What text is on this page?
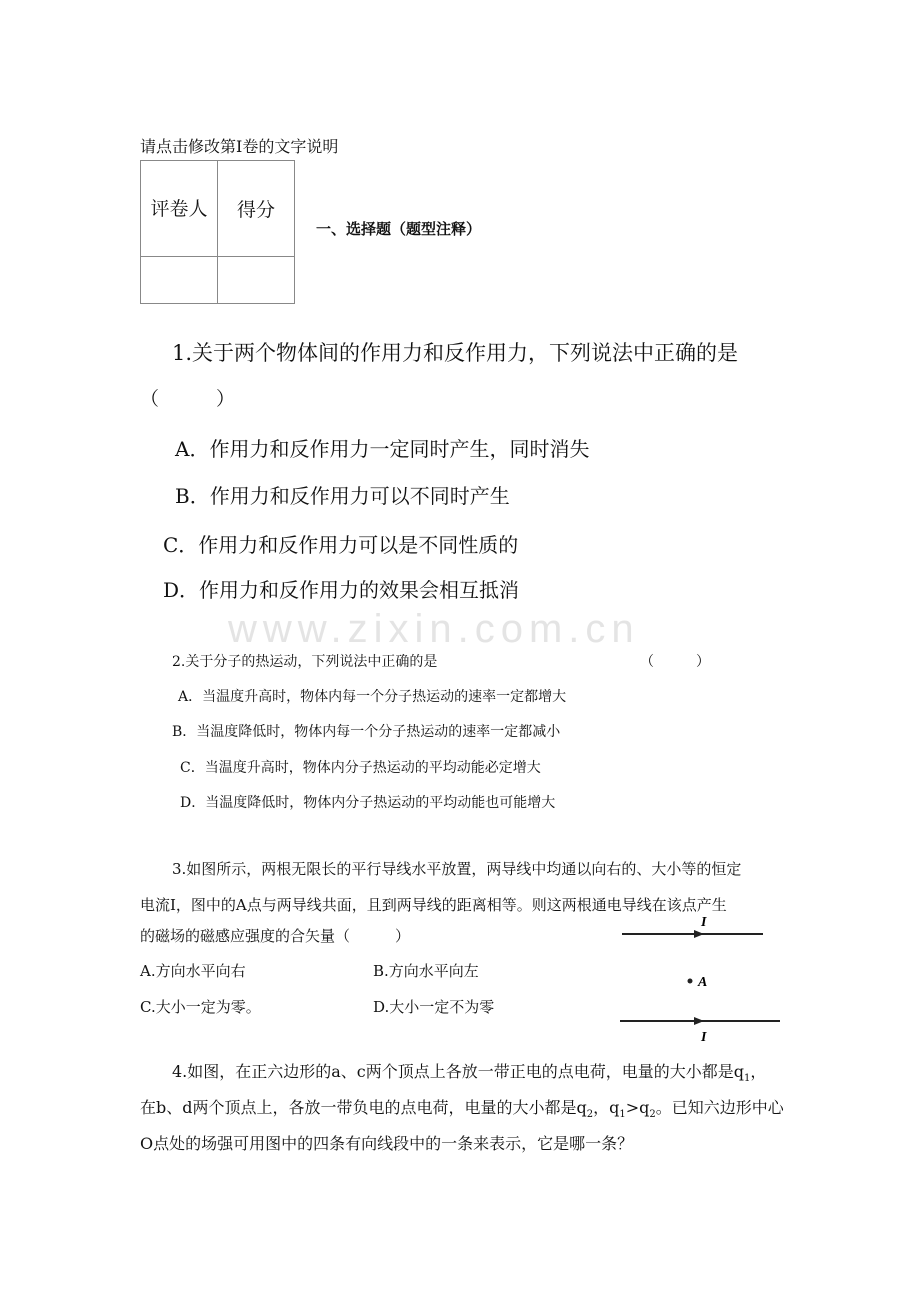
请点击修改第I卷的文字说明
评卷人	得分

一、选择题（题型注释）
1.关于两个物体间的作用力和反作用力，下列说法中正确的是
（　　　）
A．作用力和反作用力一定同时产生，同时消失
B．作用力和反作用力可以不同时产生
C．作用力和反作用力可以是不同性质的
D．作用力和反作用力的效果会相互抵消
www.zixin.com.cn
2.关于分子的热运动，下列说法中正确的是	（　　　）
A．当温度升高时，物体内每一个分子热运动的速率一定都增大
B．当温度降低时，物体内每一个分子热运动的速率一定都减小
C．当温度升高时，物体内分子热运动的平均动能必定增大
D．当温度降低时，物体内分子热运动的平均动能也可能增大
3.如图所示，两根无限长的平行导线水平放置，两导线中均通以向右的、大小等的恒定
电流I，图中的A点与两导线共面，且到两导线的距离相等。则这两根通电导线在该点产生
的磁场的磁感应强度的合矢量（　　　）
A.方向水平向右	B.方向水平向左
C.大小一定为零。	D.大小一定不为零
I
A
I
4.如图，在正六边形的a、c两个顶点上各放一带正电的点电荷，电量的大小都是$q_1$，
在b、d两个顶点上，各放一带负电的点电荷，电量的大小都是$q_2$，$q_1>q_2$。已知六边形中心
O点处的场强可用图中的四条有向线段中的一条来表示，它是哪一条？
